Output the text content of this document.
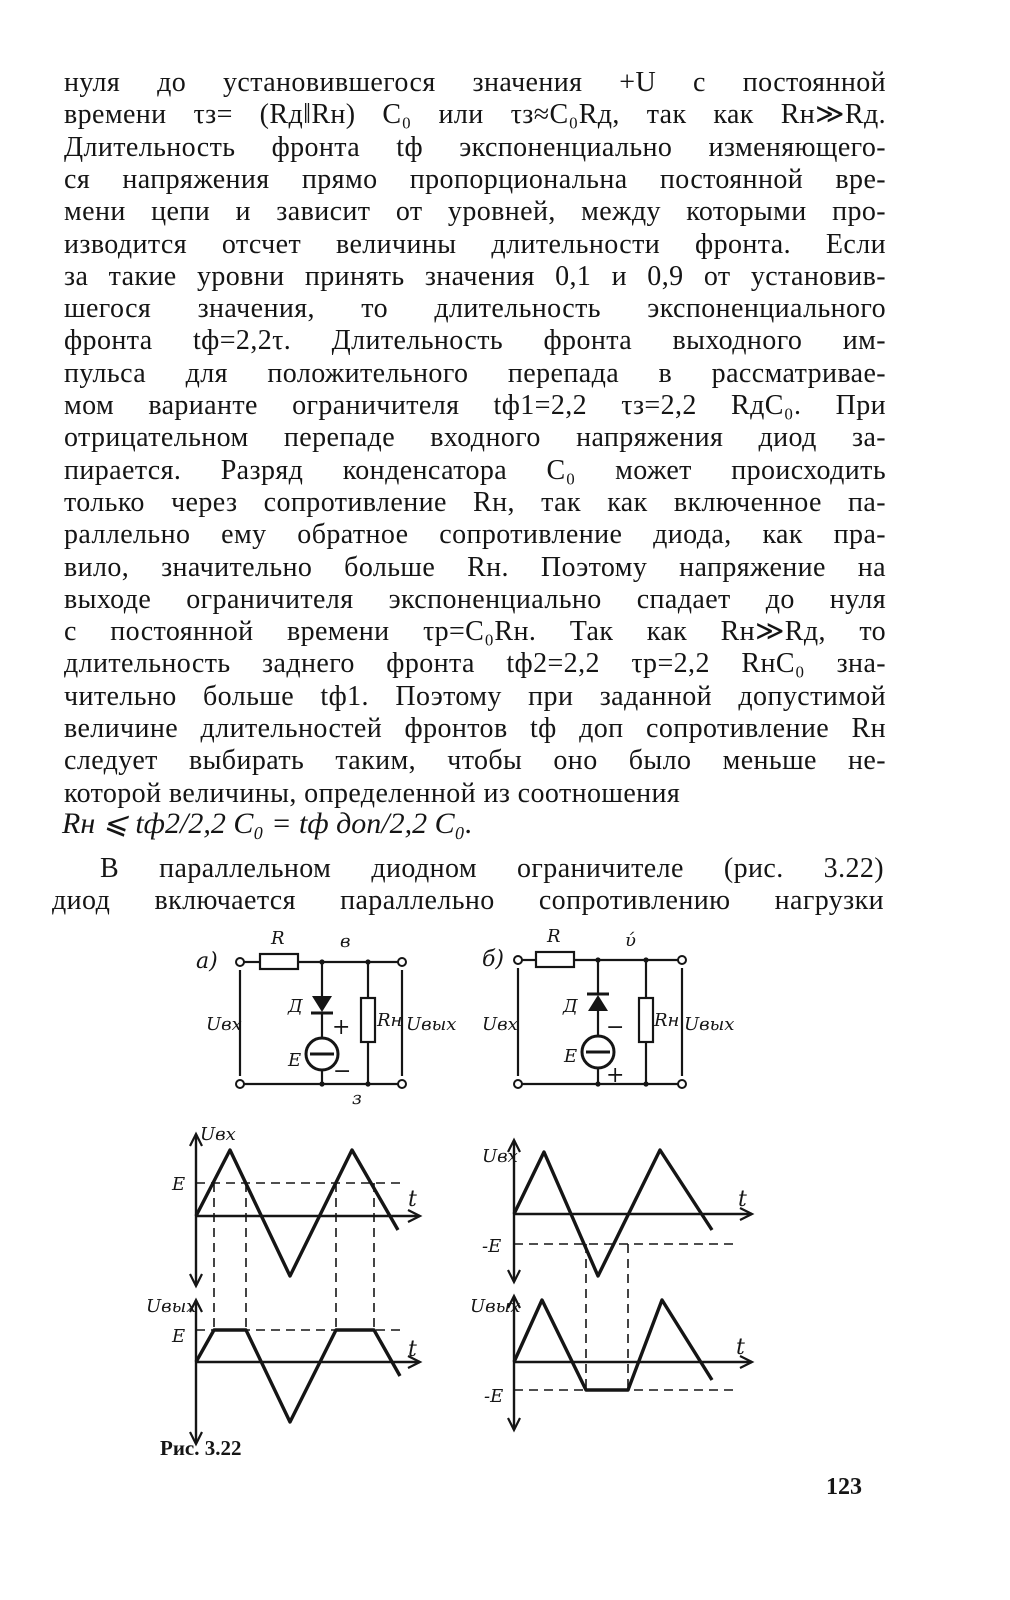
нуля до установившегося значения +U с постоянной
времени τз= (Rд‖Rн) C₀ или τз≈C₀Rд, так как Rн≫Rд.
Длительность фронта tф экспоненциально изменяющего-
ся напряжения прямо пропорциональна постоянной вре-
мени цепи и зависит от уровней, между которыми про-
изводится отсчет величины длительности фронта. Если
за такие уровни принять значения 0,1 и 0,9 от установив-
шегося значения, то длительность экспоненциального
фронта tф=2,2τ. Длительность фронта выходного им-
пульса для положительного перепада в рассматривае-
мом варианте ограничителя tф1=2,2 τз=2,2 RдC₀. При
отрицательном перепаде входного напряжения диод за-
пирается. Разряд конденсатора C₀ может происходить
только через сопротивление Rн, так как включенное па-
раллельно ему обратное сопротивление диода, как пра-
вило, значительно больше Rн. Поэтому напряжение на
выходе ограничителя экспоненциально спадает до нуля
с постоянной времени τр=C₀Rн. Так как Rн≫Rд, то
длительность заднего фронта tф2=2,2 τр=2,2 RнC₀ зна-
чительно больше tф1. Поэтому при заданной допустимой
величине длительностей фронтов tф доп сопротивление Rн
следует выбирать таким, чтобы оно было меньше не-
которой величины, определенной из соотношения
Rн ⩽ tф2/2,2 C₀ = tф доп/2,2 C₀.
В параллельном диодном ограничителе (рис. 3.22)
диод включается параллельно сопротивлению нагрузки
а)
R	в
Д
+
E −
Rн
з
Uвх	Uвых
б)
R	ύ
Д
−
E
+
Rн
Uвх	Uвых
Uвх
E
t
Uвых
E
t
Uвх
t
-E
Uвых
t
-E
Рис. 3.22
123
